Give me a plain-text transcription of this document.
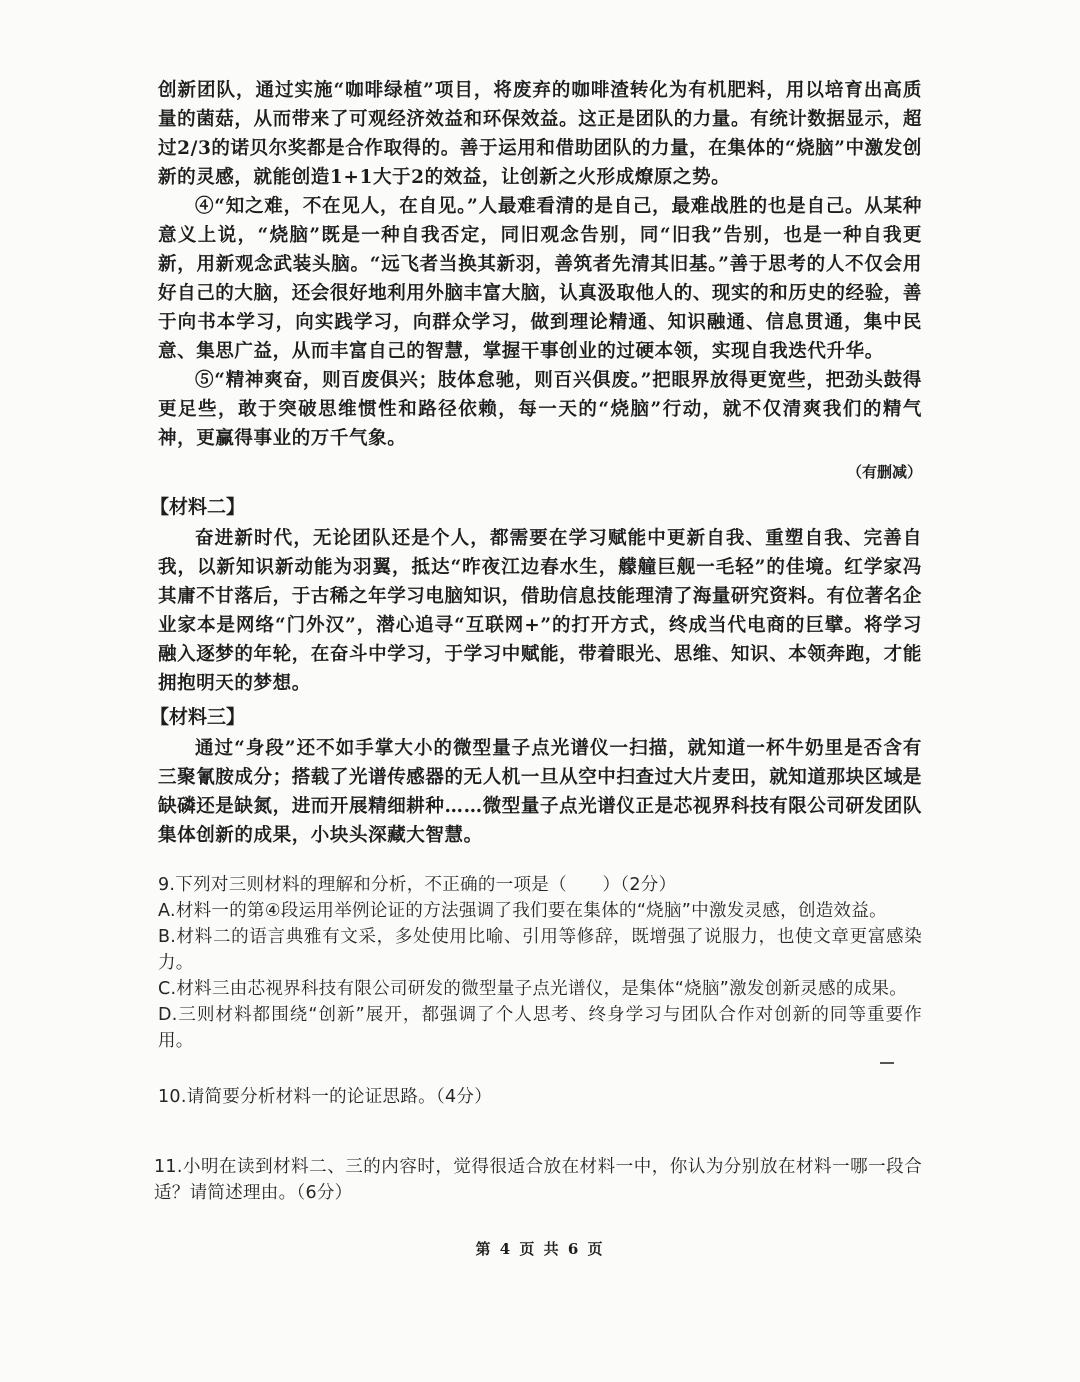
创新团队，通过实施“咖啡绿植”项目，将废弃的咖啡渣转化为有机肥料，用以培育出高质量的菌菇，从而带来了可观经济效益和环保效益。这正是团队的力量。有统计数据显示，超过2/3的诺贝尔奖都是合作取得的。善于运用和借助团队的力量，在集体的“烧脑”中激发创新的灵感，就能创造1+1大于2的效益，让创新之火形成燎原之势。

④“知之难，不在见人，在自见。”人最难看清的是自己，最难战胜的也是自己。从某种意义上说，“烧脑”既是一种自我否定，同旧观念告别，同“旧我”告别，也是一种自我更新，用新观念武装头脑。“远飞者当换其新羽，善筑者先清其旧基。”善于思考的人不仅会用好自己的大脑，还会很好地利用外脑丰富大脑，认真汲取他人的、现实的和历史的经验，善于向书本学习，向实践学习，向群众学习，做到理论精通、知识融通、信息贯通，集中民意、集思广益，从而丰富自己的智慧，掌握干事创业的过硬本领，实现自我迭代升华。

⑤“精神爽奋，则百废俱兴；肢体怠驰，则百兴俱废。”把眼界放得更宽些，把劲头鼓得更足些，敢于突破思维惯性和路径依赖，每一天的“烧脑”行动，就不仅清爽我们的精气神，更赢得事业的万千气象。

（有删减）

【材料二】

奋进新时代，无论团队还是个人，都需要在学习赋能中更新自我、重塑自我、完善自我，以新知识新动能为羽翼，抵达“昨夜江边春水生，艨艟巨舰一毛轻”的佳境。红学家冯其庸不甘落后，于古稀之年学习电脑知识，借助信息技能理清了海量研究资料。有位著名企业家本是网络“门外汉”，潜心追寻“互联网+”的打开方式，终成当代电商的巨擘。将学习融入逐梦的年轮，在奋斗中学习，于学习中赋能，带着眼光、思维、知识、本领奔跑，才能拥抱明天的梦想。

【材料三】

通过“身段”还不如手掌大小的微型量子点光谱仪一扫描，就知道一杯牛奶里是否含有三聚氰胺成分；搭载了光谱传感器的无人机一旦从空中扫查过大片麦田，就知道那块区域是缺磷还是缺氮，进而开展精细耕种……微型量子点光谱仪正是芯视界科技有限公司研发团队集体创新的成果，小块头深藏大智慧。

9.下列对三则材料的理解和分析，不正确的一项是（　　）（2分）

A.材料一的第④段运用举例论证的方法强调了我们要在集体的“烧脑”中激发灵感，创造效益。

B.材料二的语言典雅有文采，多处使用比喻、引用等修辞，既增强了说服力，也使文章更富感染力。

C.材料三由芯视界科技有限公司研发的微型量子点光谱仪，是集体“烧脑”激发创新灵感的成果。

D.三则材料都围绕“创新”展开，都强调了个人思考、终身学习与团队合作对创新的同等重要作用。

10.请简要分析材料一的论证思路。（4分）

11.小明在读到材料二、三的内容时，觉得很适合放在材料一中，你认为分别放在材料一哪一段合适？请简述理由。（6分）

第 4 页 共 6 页
